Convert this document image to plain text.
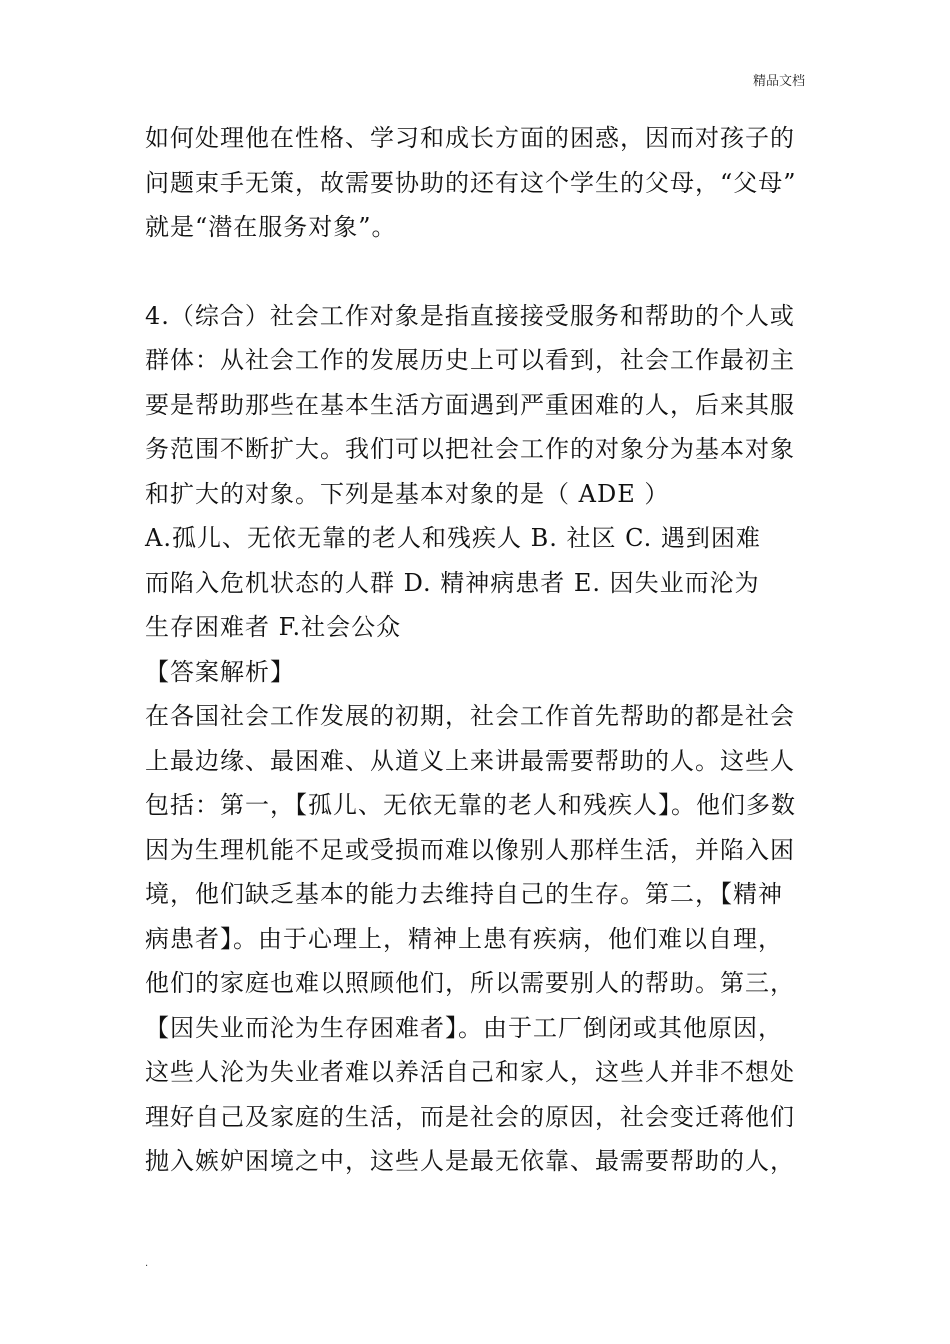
精品文档
如何处理他在性格、学习和成长方面的困惑，因而对孩子的
问题束手无策，故需要协助的还有这个学生的父母，“父母”
就是“潜在服务对象”。
4.（综合）社会工作对象是指直接接受服务和帮助的个人或
群体：从社会工作的发展历史上可以看到，社会工作最初主
要是帮助那些在基本生活方面遇到严重困难的人，后来其服
务范围不断扩大。我们可以把社会工作的对象分为基本对象
和扩大的对象。下列是基本对象的是（ ADE ）
A.孤儿、无依无靠的老人和残疾人 B. 社区 C. 遇到困难
而陷入危机状态的人群 D. 精神病患者 E. 因失业而沦为
生存困难者 F.社会公众
【答案解析】
在各国社会工作发展的初期，社会工作首先帮助的都是社会
上最边缘、最困难、从道义上来讲最需要帮助的人。这些人
包括：第一，【孤儿、无依无靠的老人和残疾人】。他们多数
因为生理机能不足或受损而难以像别人那样生活，并陷入困
境，他们缺乏基本的能力去维持自己的生存。第二，【精神
病患者】。由于心理上，精神上患有疾病，他们难以自理，
他们的家庭也难以照顾他们，所以需要别人的帮助。第三，
【因失业而沦为生存困难者】。由于工厂倒闭或其他原因，
这些人沦为失业者难以养活自己和家人，这些人并非不想处
理好自己及家庭的生活，而是社会的原因，社会变迁蒋他们
抛入嫉妒困境之中，这些人是最无依靠、最需要帮助的人，
.
